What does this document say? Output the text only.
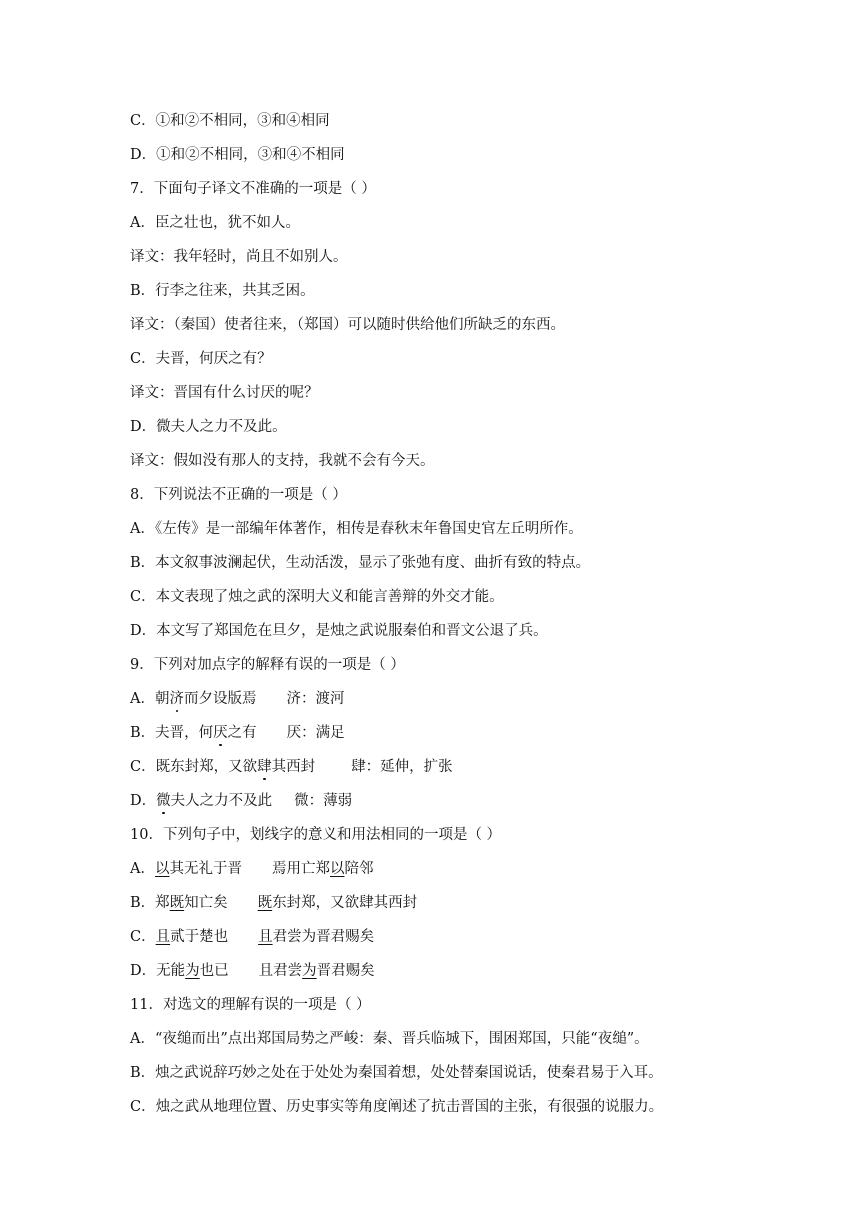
C．①和②不相同，③和④相同
D．①和②不相同，③和④不相同
7．下面句子译文不准确的一项是（ ）
A．臣之壮也，犹不如人。
译文：我年轻时，尚且不如别人。
B．行李之往来，共其乏困。
译文：（秦国）使者往来，（郑国）可以随时供给他们所缺乏的东西。
C．夫晋，何厌之有？
译文：晋国有什么讨厌的呢？
D．微夫人之力不及此。
译文：假如没有那人的支持，我就不会有今天。
8．下列说法不正确的一项是（ ）
A．《左传》是一部编年体著作，相传是春秋末年鲁国史官左丘明所作。
B．本文叙事波澜起伏，生动活泼，显示了张弛有度、曲折有致的特点。
C．本文表现了烛之武的深明大义和能言善辩的外交才能。
D．本文写了郑国危在旦夕，是烛之武说服秦伯和晋文公退了兵。
9．下列对加点字的解释有误的一项是（ ）
A．朝济而夕设版焉 济：渡河
B．夫晋，何厌之有 厌：满足
C．既东封郑，又欲肆其西封 肆：延伸，扩张
D．微夫人之力不及此 微：薄弱
10．下列句子中，划线字的意义和用法相同的一项是（ ）
A．以其无礼于晋 焉用亡郑以陪邻
B．郑既知亡矣 既东封郑，又欲肆其西封
C．且贰于楚也 且君尝为晋君赐矣
D．无能为也已 且君尝为晋君赐矣
11．对选文的理解有误的一项是（ ）
A．“夜缒而出”点出郑国局势之严峻：秦、晋兵临城下，围困郑国，只能“夜缒”。
B．烛之武说辞巧妙之处在于处处为秦国着想，处处替秦国说话，使秦君易于入耳。
C．烛之武从地理位置、历史事实等角度阐述了抗击晋国的主张，有很强的说服力。
